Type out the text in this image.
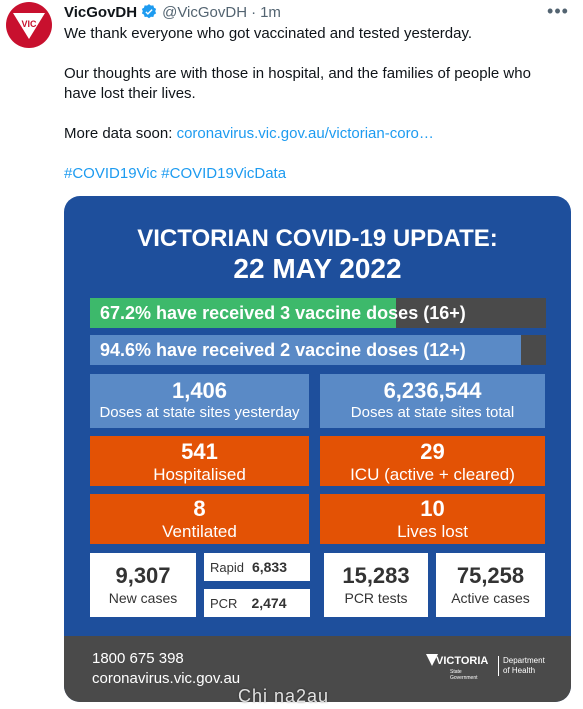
VIC
VicGovDH @VicGovDH · 1m	•••

We thank everyone who got vaccinated and tested yesterday.

Our thoughts are with those in hospital, and the families of people who have lost their lives.

More data soon: coronavirus.vic.gov.au/victorian-coro…

#COVID19Vic #COVID19VicData

VICTORIAN COVID-19 UPDATE:
22 MAY 2022
67.2% have received 3 vaccine doses (16+)
94.6% have received 2 vaccine doses (12+)
1,406
Doses at state sites yesterday
6,236,544
Doses at state sites total
541
Hospitalised
29
ICU (active + cleared)
8
Ventilated
10
Lives lost
9,307
New cases
Rapid 6,833
PCR 2,474
15,283
PCR tests
75,258
Active cases
1800 675 398
coronavirus.vic.gov.au
VICTORIA
State
Government
Department
of Health
Chi na2au
